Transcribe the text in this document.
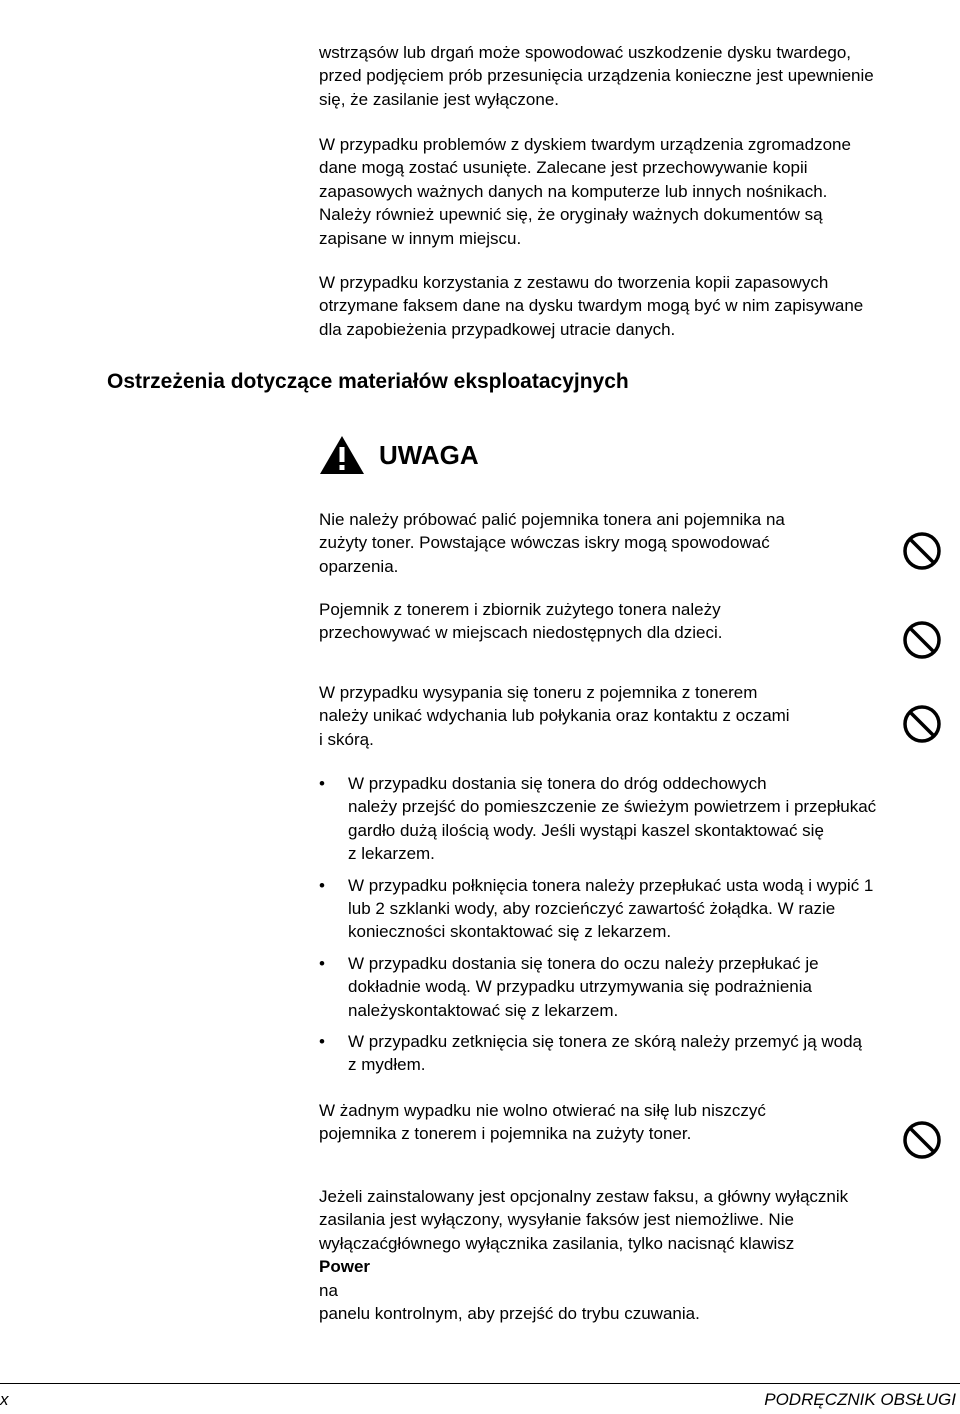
wstrząsów lub drgań może spowodować uszkodzenie dysku twardego,
przed podjęciem prób przesunięcia urządzenia konieczne jest upewnienie
się, że zasilanie jest wyłączone.
W przypadku problemów z dyskiem twardym urządzenia zgromadzone
dane mogą zostać usunięte. Zalecane jest przechowywanie kopii
zapasowych ważnych danych na komputerze lub innych nośnikach.
Należy również upewnić się, że oryginały ważnych dokumentów są
zapisane w innym miejscu.
W przypadku korzystania z zestawu do tworzenia kopii zapasowych
otrzymane faksem dane na dysku twardym mogą być w nim zapisywane
dla zapobieżenia przypadkowej utracie danych.
Ostrzeżenia dotyczące materiałów eksploatacyjnych
UWAGA
Nie należy próbować palić pojemnika tonera ani pojemnika na
zużyty toner. Powstające wówczas iskry mogą spowodować
oparzenia.
Pojemnik z tonerem i zbiornik zużytego tonera należy
przechowywać w miejscach niedostępnych dla dzieci.
W przypadku wysypania się toneru z pojemnika z tonerem
należy unikać wdychania lub połykania oraz kontaktu z oczami
i skórą.
• W przypadku dostania się tonera do dróg oddechowych
należy przejść do pomieszczenie ze świeżym powietrzem i przepłukać
gardło dużą ilością wody. Jeśli wystąpi kaszel skontaktować się
z lekarzem.
• W przypadku połknięcia tonera należy przepłukać usta wodą i wypić 1
lub 2 szklanki wody, aby rozcieńczyć zawartość żołądka. W razie
konieczności skontaktować się z lekarzem.
• W przypadku dostania się tonera do oczu należy przepłukać je
dokładnie wodą. W przypadku utrzymywania się podrażnienia
należyskontaktować się z lekarzem.
• W przypadku zetknięcia się tonera ze skórą należy przemyć ją wodą
z mydłem.
W żadnym wypadku nie wolno otwierać na siłę lub niszczyć
pojemnika z tonerem i pojemnika na zużyty toner.
Jeżeli zainstalowany jest opcjonalny zestaw faksu, a główny wyłącznik
zasilania jest wyłączony, wysyłanie faksów jest niemożliwe. Nie
wyłączaćgłównego wyłącznika zasilania, tylko nacisnąć klawisz
Power
na
panelu kontrolnym, aby przejść do trybu czuwania.
x	PODRĘCZNIK OBSŁUGI
